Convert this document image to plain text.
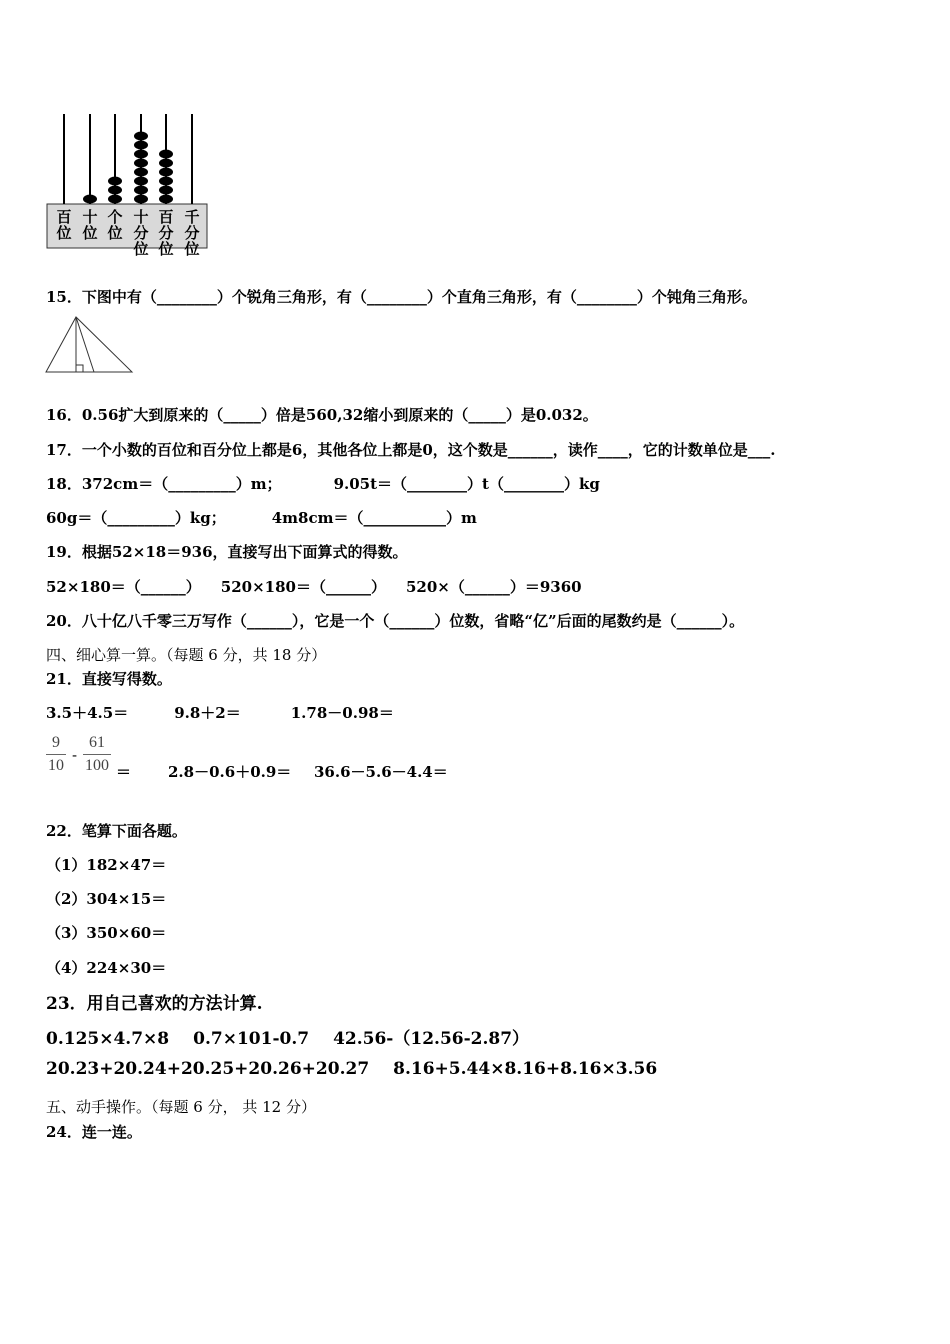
百
位
十
位
个
位
十
分
位
百
分
位
千
分
位
15．下图中有（________）个锐角三角形，有（________）个直角三角形，有（________）个钝角三角形。
16．0.56扩大到原来的（_____）倍是560,32缩小到原来的（_____）是0.032。
17．一个小数的百位和百分位上都是6，其他各位上都是0，这个数是______，读作____，它的计数单位是___.
18．372cm＝（_________）m；	9.05t＝（________）t（________）kg
60g＝（_________）kg；	4m8cm＝（___________）m
19．根据52×18＝936，直接写出下面算式的得数。
52×180＝（______） 520×180＝（______） 520×（______）＝9360
20．八十亿八千零三万写作（______），它是一个（______）位数，省略“亿”后面的尾数约是（______）。
四、细心算一算。（每题 6 分，共 18 分）
21．直接写得数。
3.5＋4.5＝	9.8＋2＝	1.78－0.98＝
9
10
-
61
100 ＝ 2.8－0.6＋0.9＝ 36.6－5.6－4.4＝
22．笔算下面各题。
（1）182×47＝
（2）304×15＝
（3）350×60＝
（4）224×30＝
23．用自己喜欢的方法计算.
0.125×4.7×8 0.7×101-0.7 42.56-（12.56-2.87）
20.23+20.24+20.25+20.26+20.27 8.16+5.44×8.16+8.16×3.56
五、动手操作。（每题 6 分， 共 12 分）
24．连一连。
